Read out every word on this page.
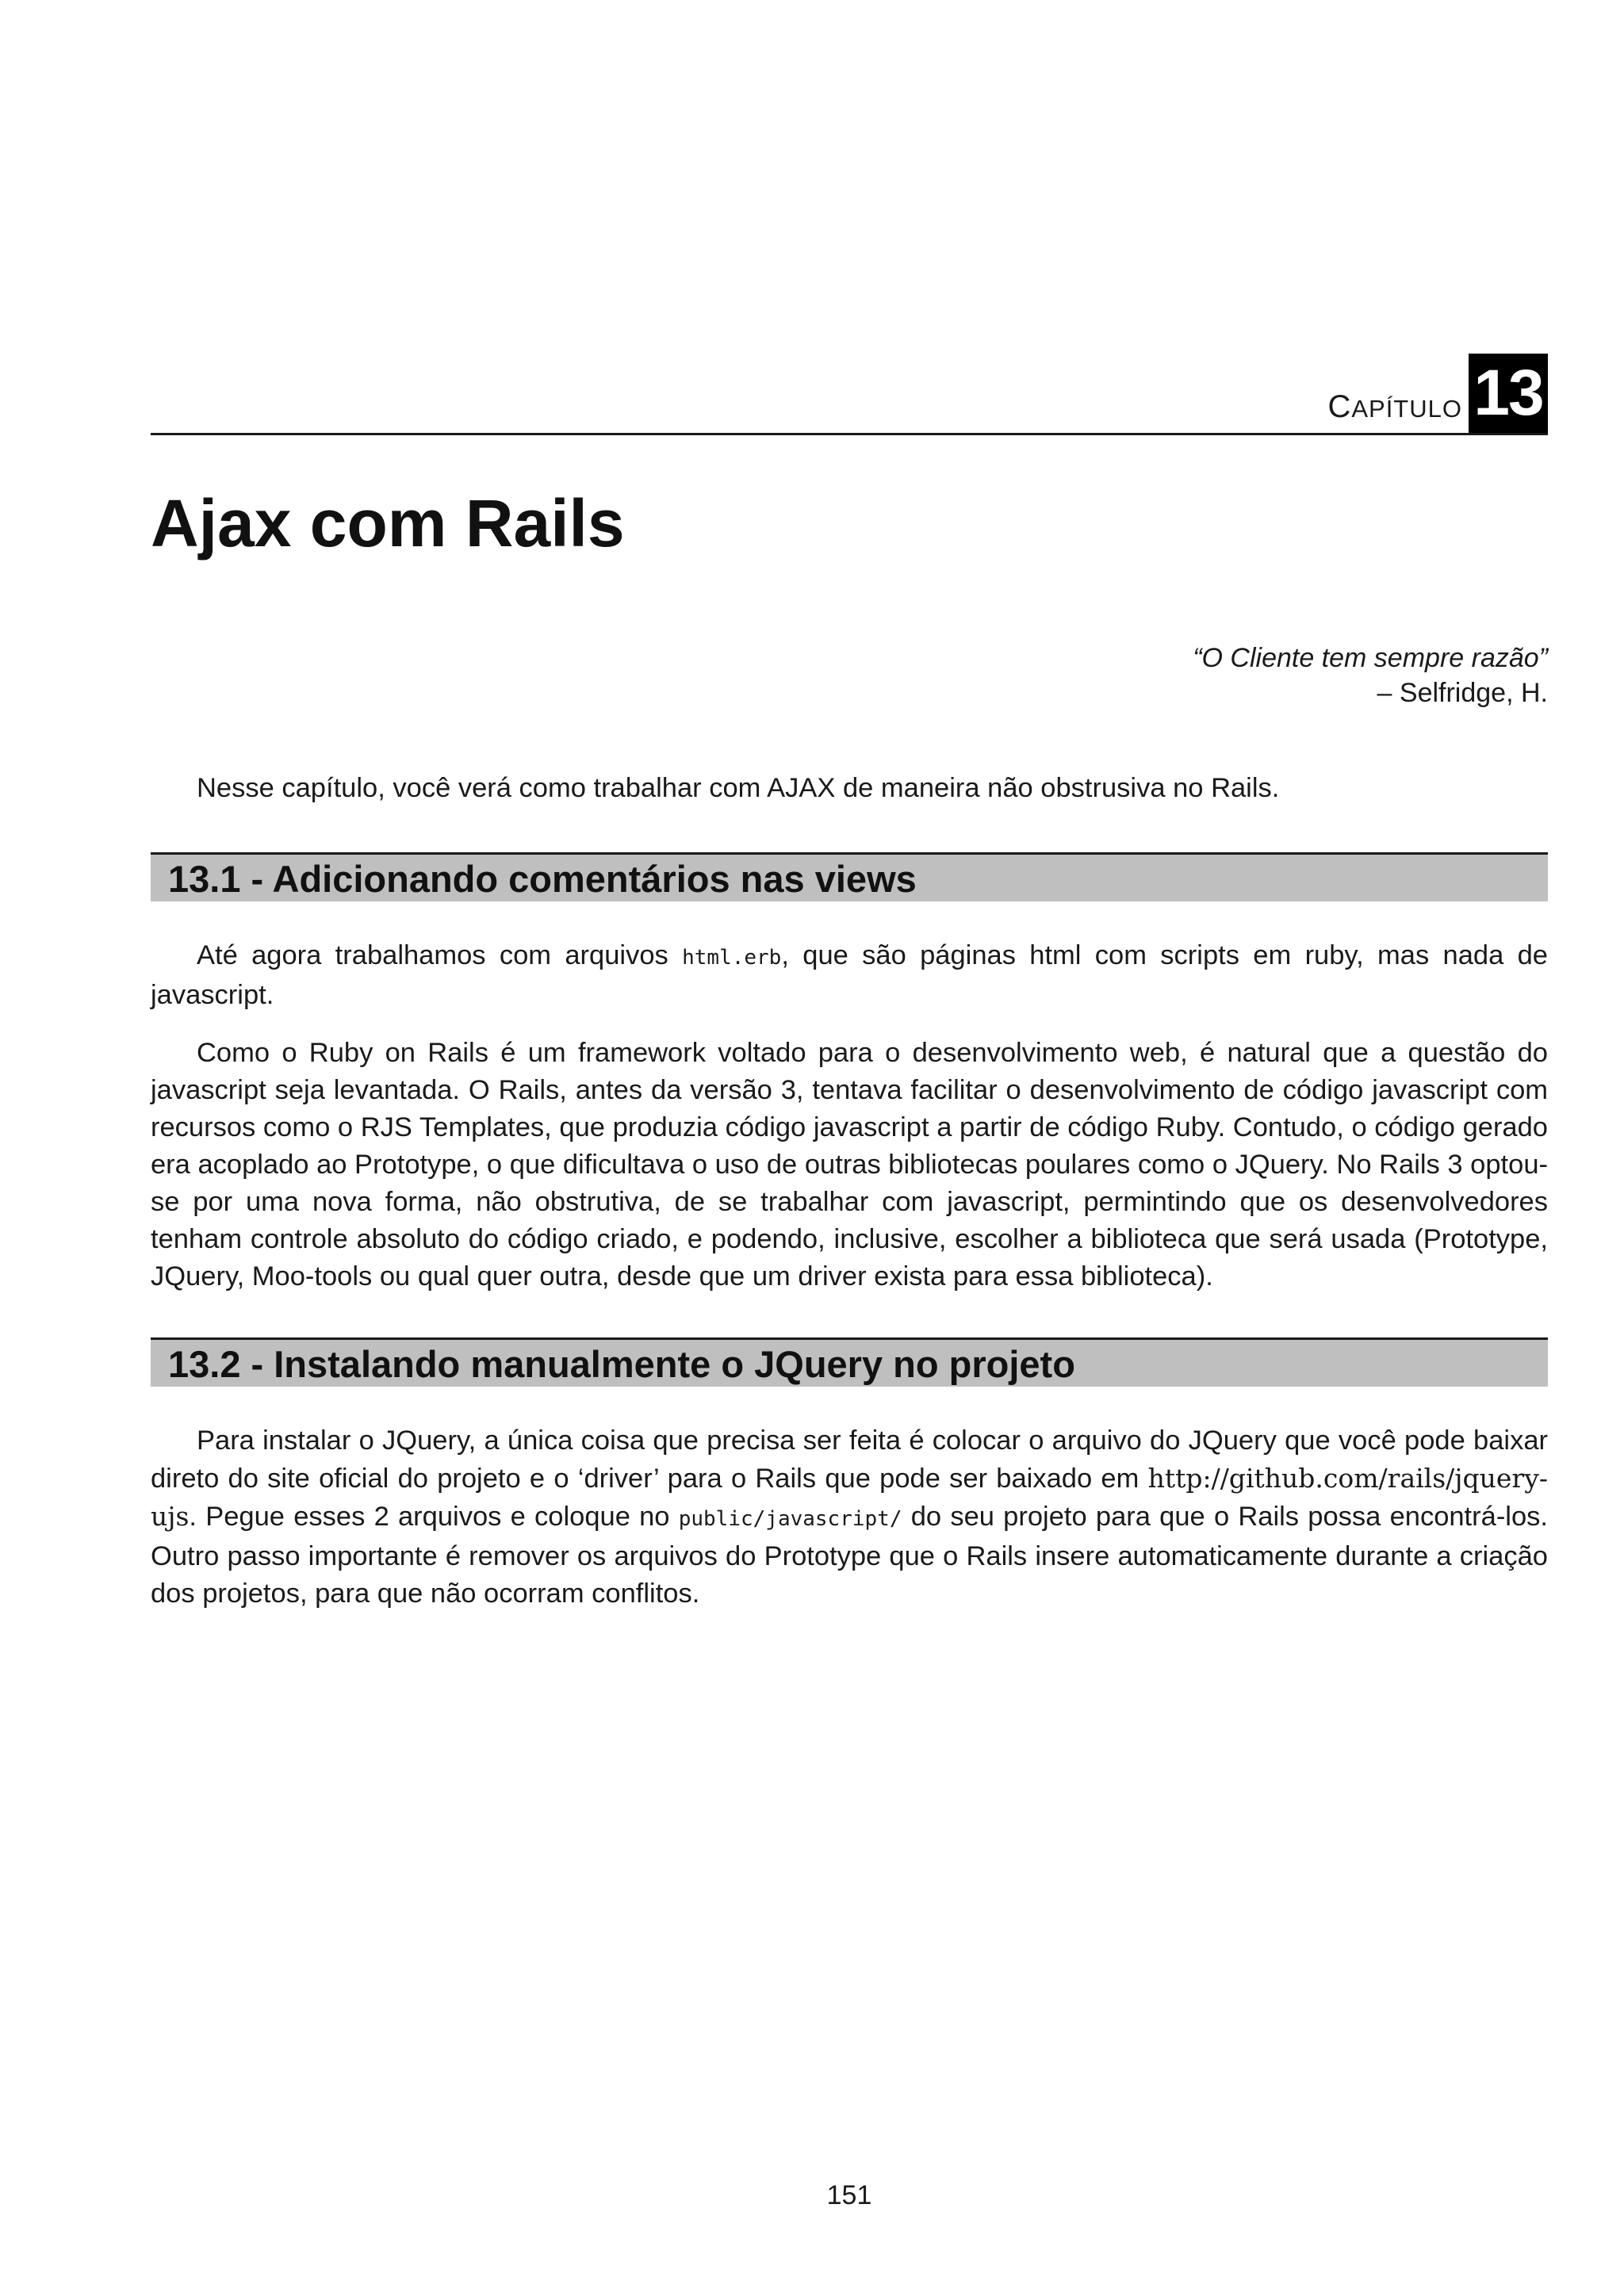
CAPÍTULO 13
Ajax com Rails
“O Cliente tem sempre razão”
– Selfridge, H.

Nesse capítulo, você verá como trabalhar com AJAX de maneira não obstrusiva no Rails.

13.1 - Adicionando comentários nas views

Até agora trabalhamos com arquivos html.erb, que são páginas html com scripts em ruby, mas nada de javascript.

Como o Ruby on Rails é um framework voltado para o desenvolvimento web, é natural que a questão do javascript seja levantada. O Rails, antes da versão 3, tentava facilitar o desenvolvimento de código javascript com recursos como o RJS Templates, que produzia código javascript a partir de código Ruby. Contudo, o código gerado era acoplado ao Prototype, o que dificultava o uso de outras bibliotecas poulares como o JQuery. No Rails 3 optou-se por uma nova forma, não obstrutiva, de se trabalhar com javascript, permintindo que os desenvolvedores tenham controle absoluto do código criado, e podendo, inclusive, escolher a biblioteca que será usada (Prototype, JQuery, Moo-tools ou qual quer outra, desde que um driver exista para essa biblioteca).

13.2 - Instalando manualmente o JQuery no projeto

Para instalar o JQuery, a única coisa que precisa ser feita é colocar o arquivo do JQuery que você pode baixar direto do site oficial do projeto e o ‘driver’ para o Rails que pode ser baixado em http://github.com/rails/jquery-ujs. Pegue esses 2 arquivos e coloque no public/javascript/ do seu projeto para que o Rails possa encontrá-los. Outro passo importante é remover os arquivos do Prototype que o Rails insere automaticamente durante a criação dos projetos, para que não ocorram conflitos.

151
